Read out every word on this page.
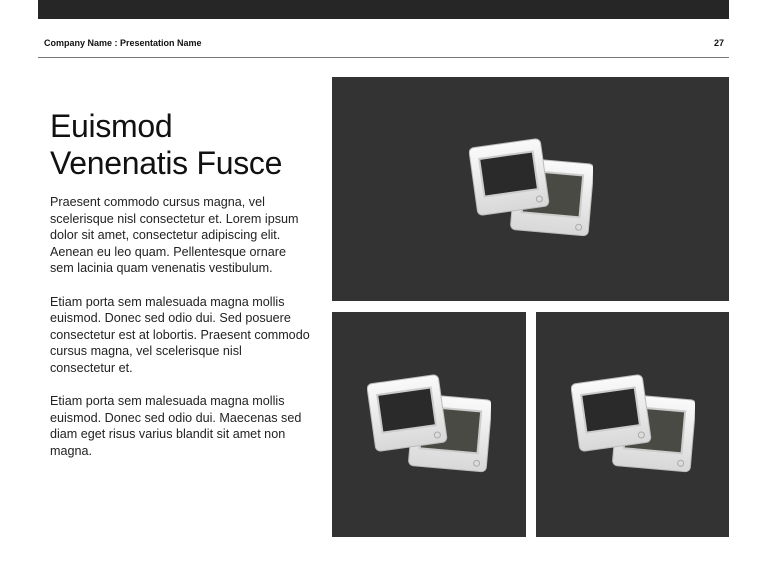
Company Name : Presentation Name	27
Euismod
Venenatis Fusce

Praesent commodo cursus magna, vel scelerisque nisl consectetur et. Lorem ipsum dolor sit amet, consectetur adipiscing elit. Aenean eu leo quam. Pellentesque ornare sem lacinia quam venenatis vestibulum.

Etiam porta sem malesuada magna mollis euismod. Donec sed odio dui. Sed posuere consectetur est at lobortis. Praesent commodo cursus magna, vel scelerisque nisl consectetur et.

Etiam porta sem malesuada magna mollis euismod. Donec sed odio dui. Maecenas sed diam eget risus varius blandit sit amet non magna.
